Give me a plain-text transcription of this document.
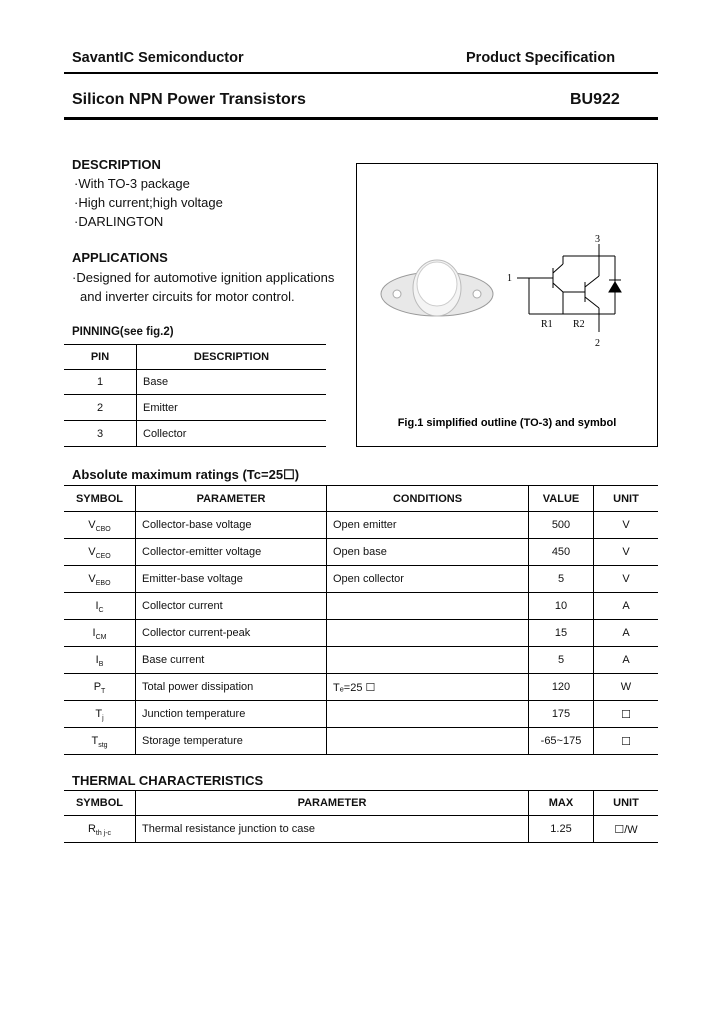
SavantIC Semiconductor	Product Specification
Silicon NPN Power Transistors	BU922
DESCRIPTION
·With TO-3 package
·High current;high voltage
·DARLINGTON
APPLICATIONS
·Designed for automotive ignition applications
and inverter circuits for motor control.
PINNING(see fig.2)
PIN	DESCRIPTION
1	Base
2	Emitter
3	Collector
1
3
2
R1 R2
Fig.1 simplified outline (TO-3) and symbol
Absolute maximum ratings (Tc=25☐)
SYMBOL	PARAMETER	CONDITIONS	VALUE	UNIT
$V_{CBO}$	Collector-base voltage	Open emitter	500	V
$V_{CEO}$	Collector-emitter voltage	Open base	450	V
$V_{EBO}$	Emitter-base voltage	Open collector	5	V
$I_C$	Collector current		10	A
$I_{CM}$	Collector current-peak		15	A
$I_B$	Base current		5	A
$P_T$	Total power dissipation	Tₑ=25 ☐	120	W
$T_j$	Junction temperature		175	☐
$T_{stg}$	Storage temperature		-65~175	☐
THERMAL CHARACTERISTICS
SYMBOL	PARAMETER	MAX	UNIT
$R_{th j-c}$	Thermal resistance junction to case	1.25	☐/W
